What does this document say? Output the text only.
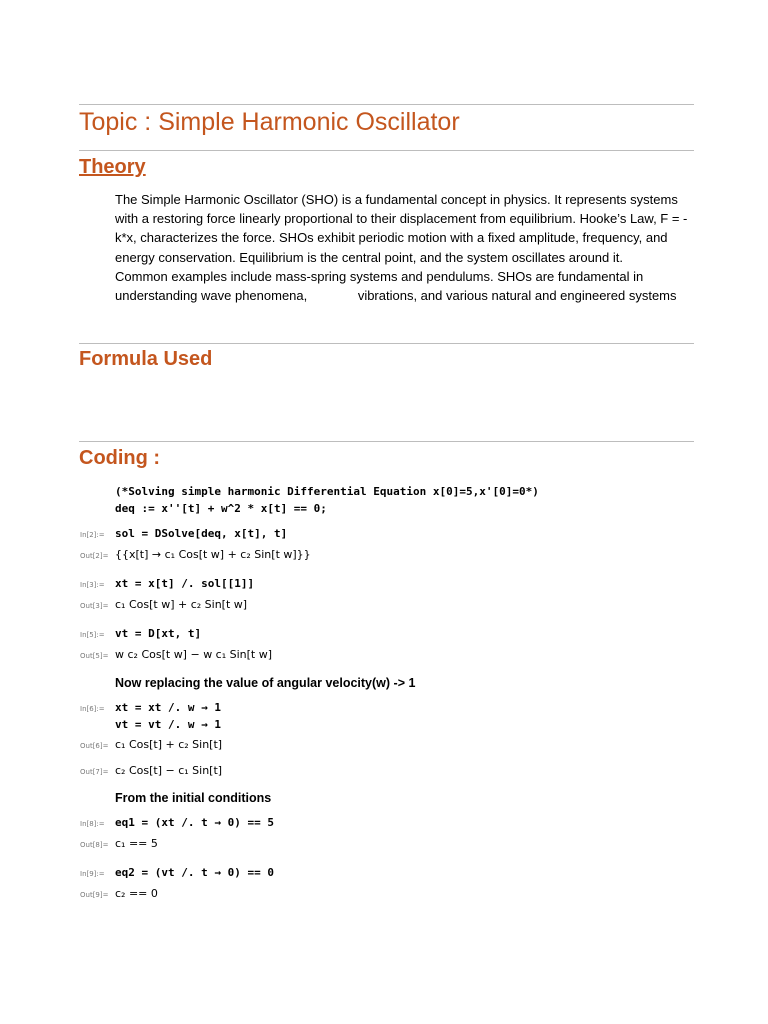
Topic : Simple Harmonic Oscillator
Theory

The Simple Harmonic Oscillator (SHO) is a fundamental concept in physics. It represents systems with a restoring force linearly proportional to their displacement from equilibrium. Hooke’s Law, F = -k*x, characterizes the force. SHOs exhibit periodic motion with a fixed amplitude, frequency, and energy conservation. Equilibrium is the central point, and the system oscillates around it.                Common examples include mass-spring systems and pendulums. SHOs are fundamental in understanding wave phenomena,              vibrations, and various natural and engineered systems

Formula Used
Coding :
(*Solving simple harmonic Differential Equation x[0]=5,x'[0]=0*)
deq := x''[t] + w^2 * x[t] == 0;
In[2]:= sol = DSolve[deq, x[t], t]
Out[2]= {{x[t] → c₁ Cos[t w] + c₂ Sin[t w]}}
In[3]:= xt = x[t] /. sol[[1]]
Out[3]= c₁ Cos[t w] + c₂ Sin[t w]
In[5]:= vt = D[xt, t]
Out[5]= w c₂ Cos[t w] − w c₁ Sin[t w]
Now replacing the value of angular velocity(w) -> 1
In[6]:= xt = xt /. w → 1
vt = vt /. w → 1
Out[6]= c₁ Cos[t] + c₂ Sin[t]
Out[7]= c₂ Cos[t] − c₁ Sin[t]
From the initial conditions
In[8]:= eq1 = (xt /. t → 0) == 5
Out[8]= c₁ == 5
In[9]:= eq2 = (vt /. t → 0) == 0
Out[9]= c₂ == 0
